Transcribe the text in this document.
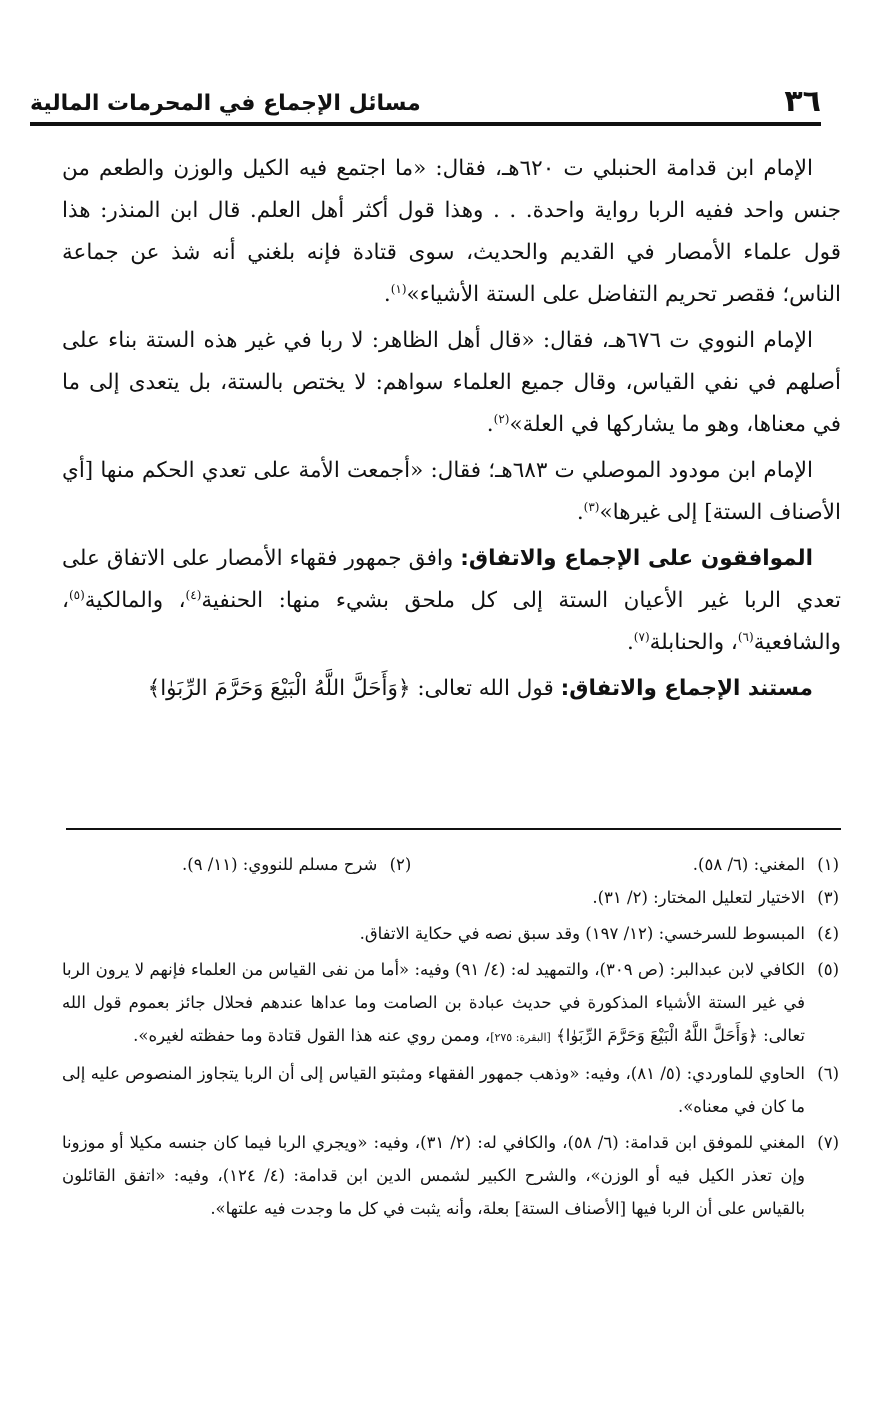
٣٦
مسائل الإجماع في المحرمات المالية

الإمام ابن قدامة الحنبلي ت ٦٢٠هـ، فقال: «ما اجتمع فيه الكيل والوزن والطعم من جنس واحد ففيه الربا رواية واحدة. . . وهذا قول أكثر أهل العلم. قال ابن المنذر: هذا قول علماء الأمصار في القديم والحديث، سوى قتادة فإنه بلغني أنه شذ عن جماعة الناس؛ فقصر تحريم التفاضل على الستة الأشياء»$^{(١)}$.

الإمام النووي ت ٦٧٦هـ، فقال: «قال أهل الظاهر: لا ربا في غير هذه الستة بناء على أصلهم في نفي القياس، وقال جميع العلماء سواهم: لا يختص بالستة، بل يتعدى إلى ما في معناها، وهو ما يشاركها في العلة»$^{(٢)}$.

الإمام ابن مودود الموصلي ت ٦٨٣هـ؛ فقال: «أجمعت الأمة على تعدي الحكم منها [أي الأصناف الستة] إلى غيرها»$^{(٣)}$.

الموافقون على الإجماع والاتفاق: وافق جمهور فقهاء الأمصار على الاتفاق على تعدي الربا غير الأعيان الستة إلى كل ملحق بشيء منها: الحنفية$^{(٤)}$، والمالكية$^{(٥)}$، والشافعية$^{(٦)}$، والحنابلة$^{(٧)}$.

مستند الإجماع والاتفاق: قول الله تعالى: ﴿وَأَحَلَّ اللَّهُ الْبَيْعَ وَحَرَّمَ الرِّبَوٰا﴾

(١)المغني: (٦/ ٥٨).
(٢)شرح مسلم للنووي: (١١/ ٩).
(٣)
الاختيار لتعليل المختار: (٢/ ٣١).
(٤)
المبسوط للسرخسي: (١٢/ ١٩٧) وقد سبق نصه في حكاية الاتفاق.
(٥)
الكافي لابن عبدالبر: (ص ٣٠٩)، والتمهيد له: (٤/ ٩١) وفيه: «أما من نفى القياس من العلماء فإنهم لا يرون الربا في غير الستة الأشياء المذكورة في حديث عبادة بن الصامت وما عداها عندهم فحلال جائز بعموم قول الله تعالى: ﴿وَأَحَلَّ اللَّهُ الْبَيْعَ وَحَرَّمَ الرِّبَوٰا﴾ [البقرة: ٢٧٥]، وممن روي عنه هذا القول قتادة وما حفظته لغيره».
(٦)
الحاوي للماوردي: (٥/ ٨١)، وفيه: «وذهب جمهور الفقهاء ومثبتو القياس إلى أن الربا يتجاوز المنصوص عليه إلى ما كان في معناه».
(٧)
المغني للموفق ابن قدامة: (٦/ ٥٨)، والكافي له: (٢/ ٣١)، وفيه: «ويجري الربا فيما كان جنسه مكيلا أو موزونا وإن تعذر الكيل فيه أو الوزن»، والشرح الكبير لشمس الدين ابن قدامة: (٤/ ١٢٤)، وفيه: «اتفق القائلون بالقياس على أن الربا فيها [الأصناف الستة] بعلة، وأنه يثبت في كل ما وجدت فيه علتها».
